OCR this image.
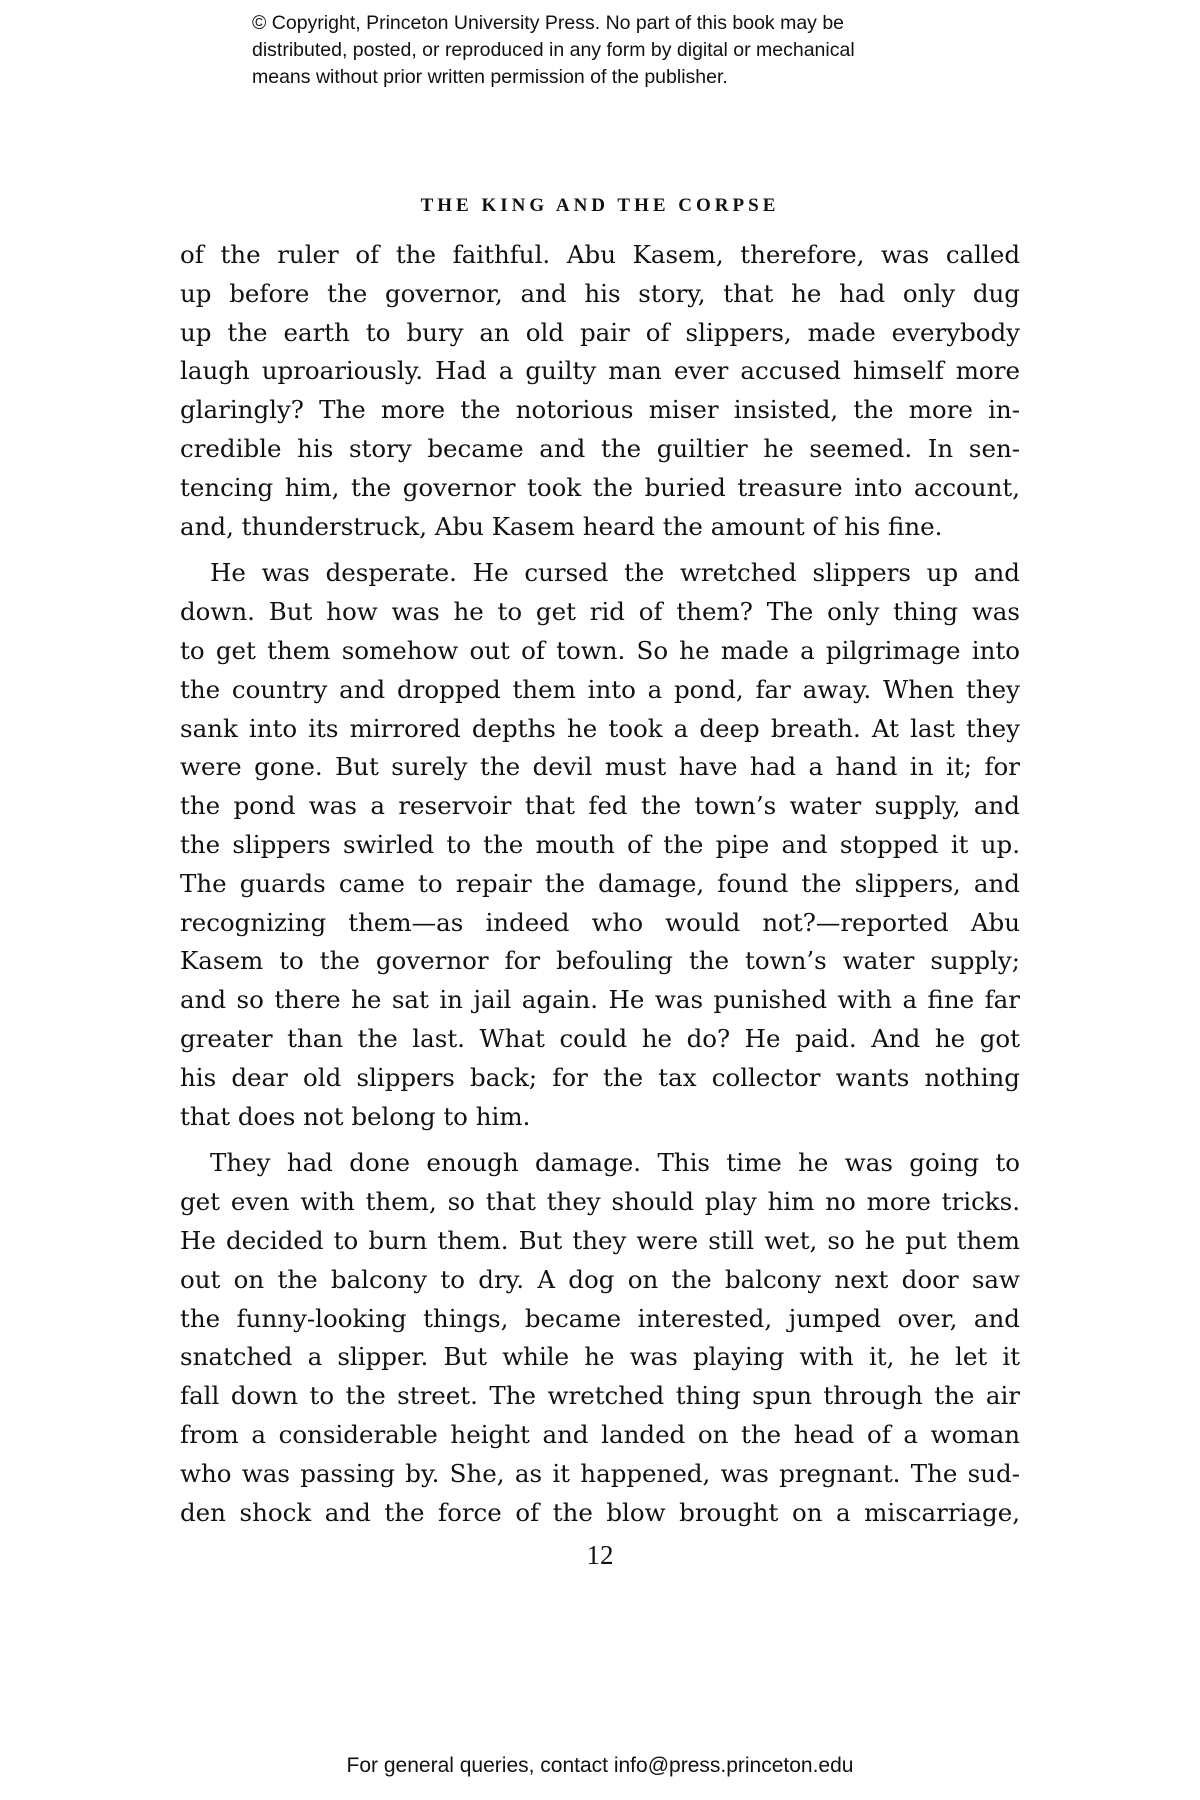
© Copyright, Princeton University Press. No part of this book may be
distributed, posted, or reproduced in any form by digital or mechanical
means without prior written permission of the publisher.
THE KING AND THE CORPSE
of the ruler of the faithful. Abu Kasem, therefore, was called
up before the governor, and his story, that he had only dug
up the earth to bury an old pair of slippers, made everybody
laugh uproariously. Had a guilty man ever accused himself more
glaringly? The more the notorious miser insisted, the more in-
credible his story became and the guiltier he seemed. In sen-
tencing him, the governor took the buried treasure into account,
and, thunderstruck, Abu Kasem heard the amount of his fine.
He was desperate. He cursed the wretched slippers up and
down. But how was he to get rid of them? The only thing was
to get them somehow out of town. So he made a pilgrimage into
the country and dropped them into a pond, far away. When they
sank into its mirrored depths he took a deep breath. At last they
were gone. But surely the devil must have had a hand in it; for
the pond was a reservoir that fed the town’s water supply, and
the slippers swirled to the mouth of the pipe and stopped it up.
The guards came to repair the damage, found the slippers, and
recognizing them—as indeed who would not?—reported Abu
Kasem to the governor for befouling the town’s water supply;
and so there he sat in jail again. He was punished with a fine far
greater than the last. What could he do? He paid. And he got
his dear old slippers back; for the tax collector wants nothing
that does not belong to him.
They had done enough damage. This time he was going to
get even with them, so that they should play him no more tricks.
He decided to burn them. But they were still wet, so he put them
out on the balcony to dry. A dog on the balcony next door saw
the funny-looking things, became interested, jumped over, and
snatched a slipper. But while he was playing with it, he let it
fall down to the street. The wretched thing spun through the air
from a considerable height and landed on the head of a woman
who was passing by. She, as it happened, was pregnant. The sud-
den shock and the force of the blow brought on a miscarriage,

12

For general queries, contact info@press.princeton.edu
